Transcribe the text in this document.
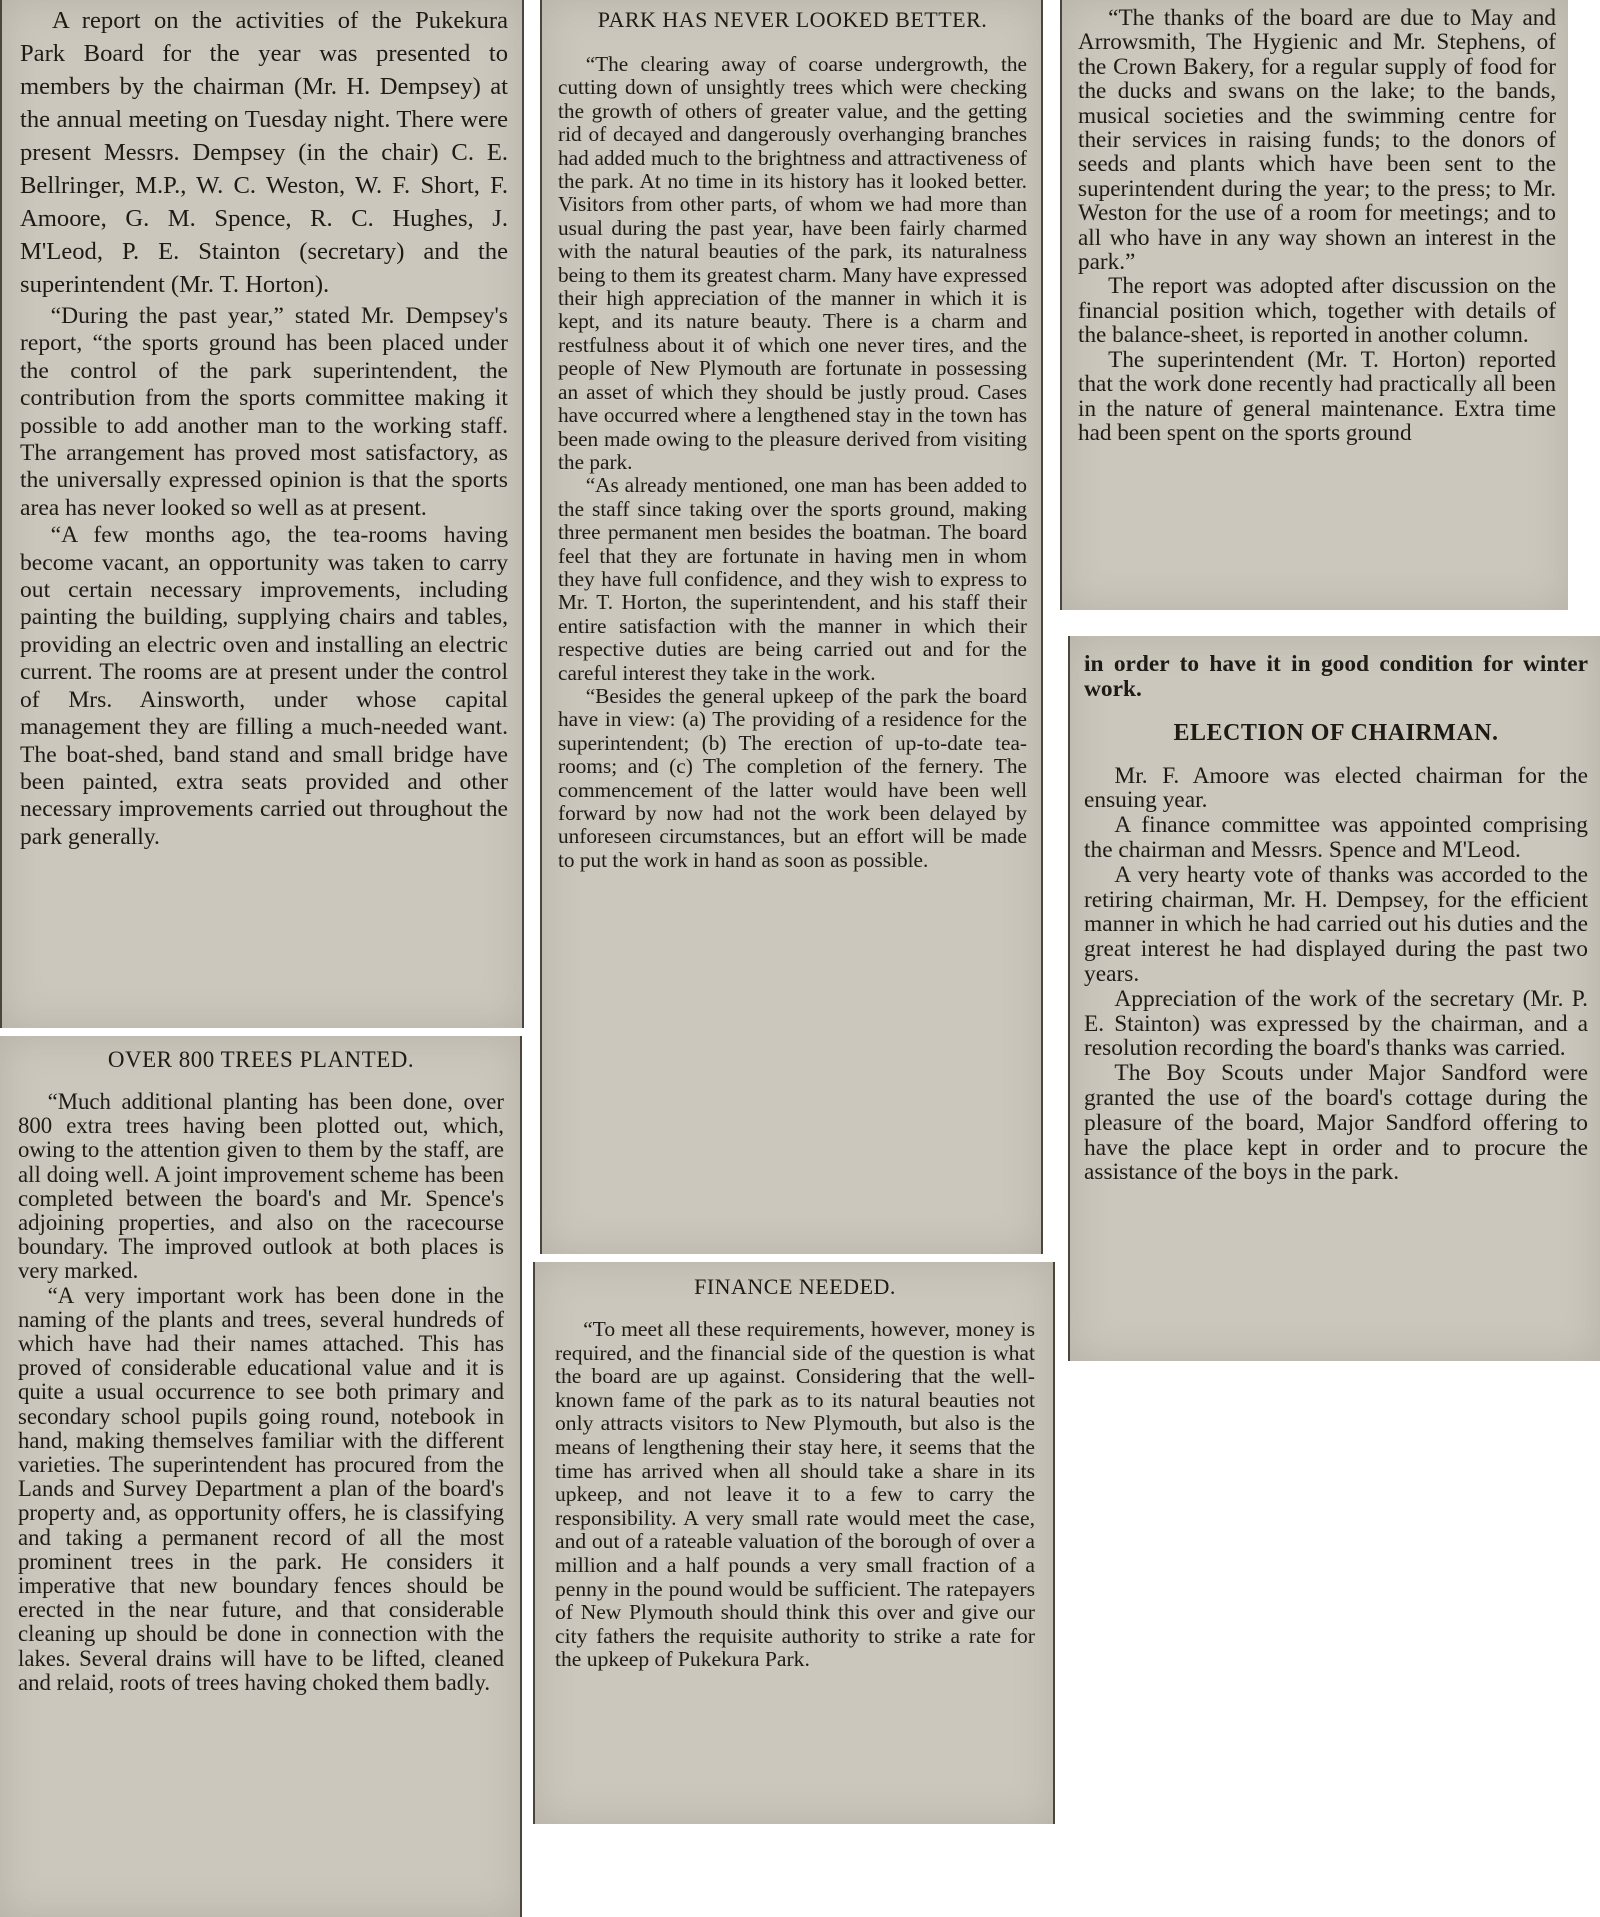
A report on the activities of the Pukekura Park Board for the year was presented to members by the chairman (Mr. H. Dempsey) at the annual meeting on Tuesday night. There were present Messrs. Dempsey (in the chair) C. E. Bellringer, M.P., W. C. Weston, W. F. Short, F. Amoore, G. M. Spence, R. C. Hughes, J. M'Leod, P. E. Stainton (secretary) and the superintendent (Mr. T. Horton).

“During the past year,” stated Mr. Dempsey's report, “the sports ground has been placed under the control of the park superintendent, the contribution from the sports committee making it possible to add another man to the working staff. The arrangement has proved most satisfactory, as the universally expressed opinion is that the sports area has never looked so well as at present.

“A few months ago, the tea-rooms having become vacant, an opportunity was taken to carry out certain necessary improvements, including painting the building, supplying chairs and tables, providing an electric oven and installing an electric current. The rooms are at present under the control of Mrs. Ainsworth, under whose capital management they are filling a much-needed want. The boat-shed, band stand and small bridge have been painted, extra seats provided and other necessary improvements carried out throughout the park generally.

OVER 800 TREES PLANTED.

“Much additional planting has been done, over 800 extra trees having been plotted out, which, owing to the attention given to them by the staff, are all doing well. A joint improvement scheme has been completed between the board's and Mr. Spence's adjoining properties, and also on the racecourse boundary. The improved outlook at both places is very marked.

“A very important work has been done in the naming of the plants and trees, several hundreds of which have had their names attached. This has proved of considerable educational value and it is quite a usual occurrence to see both primary and secondary school pupils going round, notebook in hand, making themselves familiar with the different varieties. The superintendent has procured from the Lands and Survey Department a plan of the board's property and, as opportunity offers, he is classifying and taking a permanent record of all the most prominent trees in the park. He considers it imperative that new boundary fences should be erected in the near future, and that considerable cleaning up should be done in connection with the lakes. Several drains will have to be lifted, cleaned and relaid, roots of trees having choked them badly.

PARK HAS NEVER LOOKED BETTER.

“The clearing away of coarse undergrowth, the cutting down of unsightly trees which were checking the growth of others of greater value, and the getting rid of decayed and dangerously overhanging branches had added much to the brightness and attractiveness of the park. At no time in its history has it looked better. Visitors from other parts, of whom we had more than usual during the past year, have been fairly charmed with the natural beauties of the park, its naturalness being to them its greatest charm. Many have expressed their high appreciation of the manner in which it is kept, and its nature beauty. There is a charm and restfulness about it of which one never tires, and the people of New Plymouth are fortunate in possessing an asset of which they should be justly proud. Cases have occurred where a lengthened stay in the town has been made owing to the pleasure derived from visiting the park.

“As already mentioned, one man has been added to the staff since taking over the sports ground, making three permanent men besides the boatman. The board feel that they are fortunate in having men in whom they have full confidence, and they wish to express to Mr. T. Horton, the superintendent, and his staff their entire satisfaction with the manner in which their respective duties are being carried out and for the careful interest they take in the work.

“Besides the general upkeep of the park the board have in view: (a) The providing of a residence for the superintendent; (b) The erection of up-to-date tea-rooms; and (c) The completion of the fernery. The commencement of the latter would have been well forward by now had not the work been delayed by unforeseen circumstances, but an effort will be made to put the work in hand as soon as possible.

FINANCE NEEDED.

“To meet all these requirements, however, money is required, and the financial side of the question is what the board are up against. Considering that the well-known fame of the park as to its natural beauties not only attracts visitors to New Plymouth, but also is the means of lengthening their stay here, it seems that the time has arrived when all should take a share in its upkeep, and not leave it to a few to carry the responsibility. A very small rate would meet the case, and out of a rateable valuation of the borough of over a million and a half pounds a very small fraction of a penny in the pound would be sufficient. The ratepayers of New Plymouth should think this over and give our city fathers the requisite authority to strike a rate for the upkeep of Pukekura Park.

“The thanks of the board are due to May and Arrowsmith, The Hygienic and Mr. Stephens, of the Crown Bakery, for a regular supply of food for the ducks and swans on the lake; to the bands, musical societies and the swimming centre for their services in raising funds; to the donors of seeds and plants which have been sent to the superintendent during the year; to the press; to Mr. Weston for the use of a room for meetings; and to all who have in any way shown an interest in the park.”

The report was adopted after discussion on the financial position which, together with details of the balance-sheet, is reported in another column.

The superintendent (Mr. T. Horton) reported that the work done recently had practically all been in the nature of general maintenance. Extra time had been spent on the sports ground

in order to have it in good condition for winter work.

ELECTION OF CHAIRMAN.

Mr. F. Amoore was elected chairman for the ensuing year.

A finance committee was appointed comprising the chairman and Messrs. Spence and M'Leod.

A very hearty vote of thanks was accorded to the retiring chairman, Mr. H. Dempsey, for the efficient manner in which he had carried out his duties and the great interest he had displayed during the past two years.

Appreciation of the work of the secretary (Mr. P. E. Stainton) was expressed by the chairman, and a resolution recording the board's thanks was carried.

The Boy Scouts under Major Sandford were granted the use of the board's cottage during the pleasure of the board, Major Sandford offering to have the place kept in order and to procure the assistance of the boys in the park.
